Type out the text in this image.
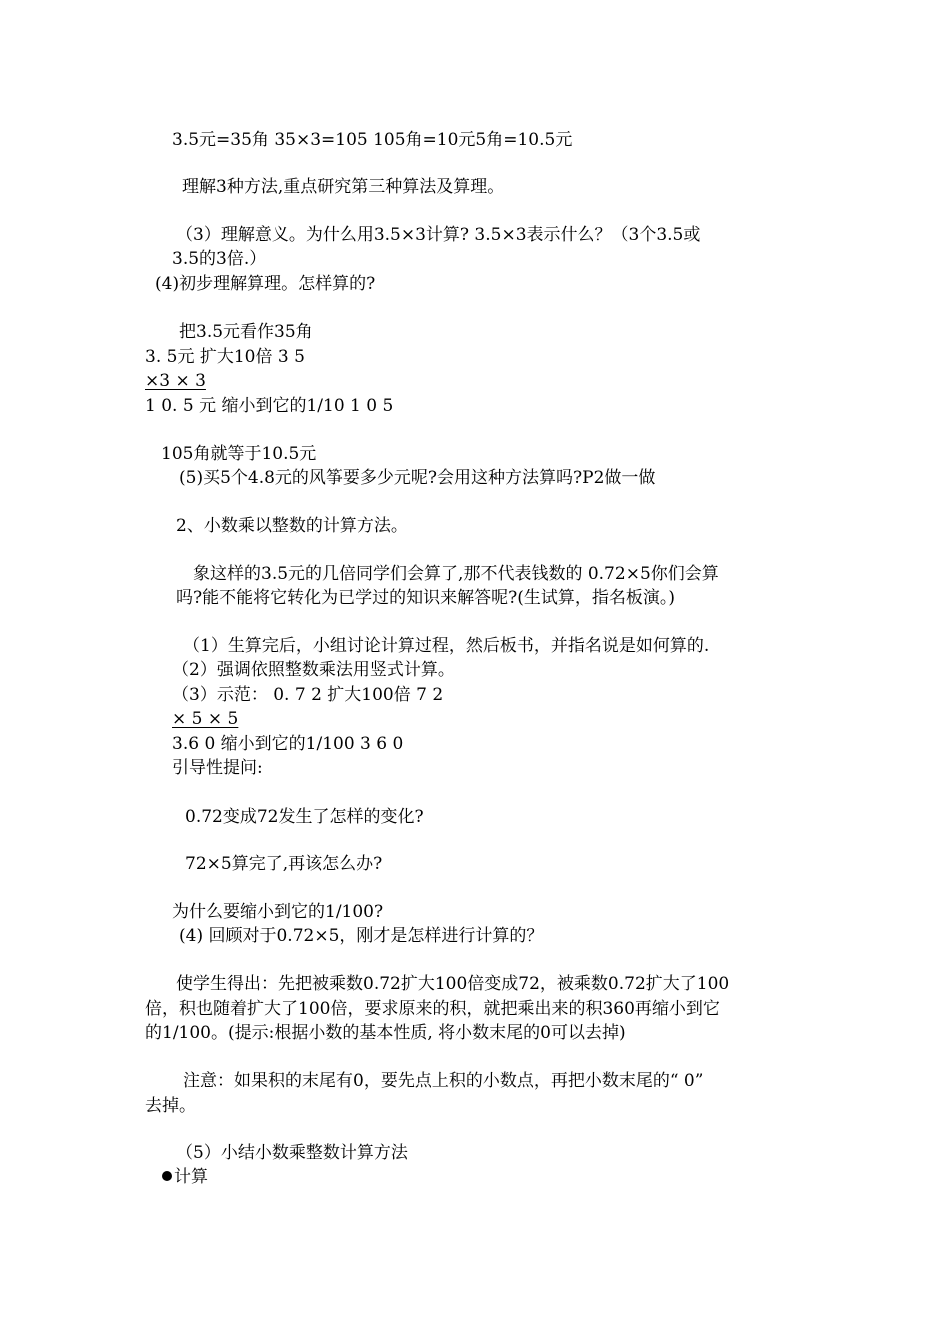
3.5元=35角 35×3=105 105角=10元5角=10.5元
理解3种方法,重点研究第三种算法及算理。
（3）理解意义。为什么用3.5×3计算? 3.5×3表示什么？（3个3.5或
3.5的3倍.）
(4)初步理解算理。怎样算的?
把3.5元看作35角
3. 5元 扩大10倍 3 5
×3 × 3
1 0. 5 元 缩小到它的1/10 1 0 5
105角就等于10.5元
(5)买5个4.8元的风筝要多少元呢?会用这种方法算吗?P2做一做
2、小数乘以整数的计算方法。
象这样的3.5元的几倍同学们会算了,那不代表钱数的 0.72×5你们会算
吗?能不能将它转化为已学过的知识来解答呢?(生试算，指名板演。)
（1）生算完后，小组讨论计算过程，然后板书，并指名说是如何算的.
（2）强调依照整数乘法用竖式计算。
（3）示范： 0. 7 2 扩大100倍 7 2
× 5 × 5
3.6 0 缩小到它的1/100 3 6 0
引导性提问:
0.72变成72发生了怎样的变化?
72×5算完了,再该怎么办?
为什么要缩小到它的1/100?
(4) 回顾对于0.72×5，刚才是怎样进行计算的？
使学生得出：先把被乘数0.72扩大100倍变成72，被乘数0.72扩大了100
倍，积也随着扩大了100倍，要求原来的积，就把乘出来的积360再缩小到它
的1/100。(提示:根据小数的基本性质, 将小数末尾的0可以去掉)
注意：如果积的末尾有0，要先点上积的小数点，再把小数末尾的“ 0”
去掉。
（5）小结小数乘整数计算方法
计算
